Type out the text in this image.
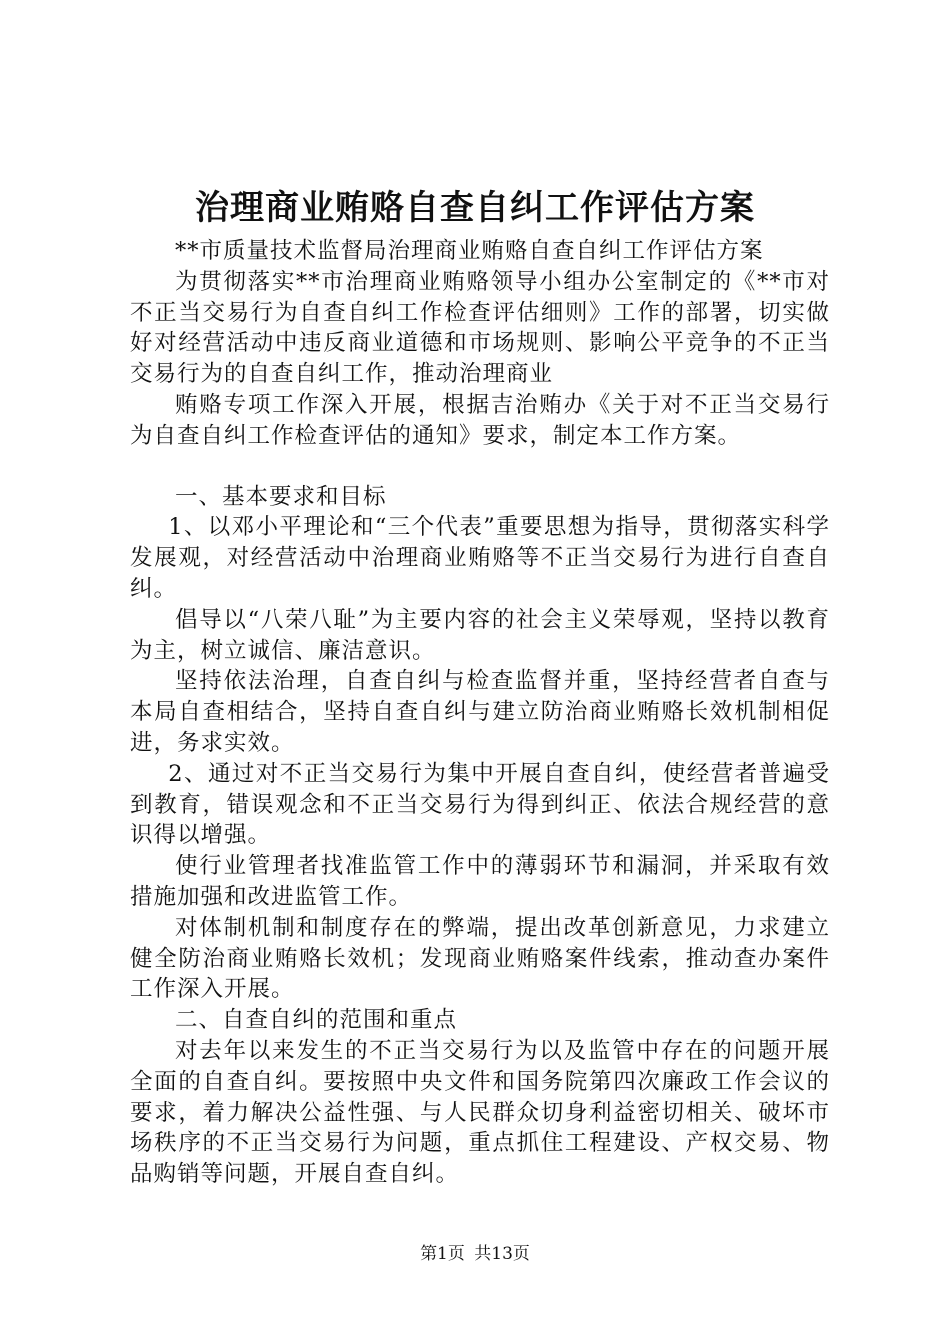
治理商业贿赂自查自纠工作评估方案

**市质量技术监督局治理商业贿赂自查自纠工作评估方案

为贯彻落实**市治理商业贿赂领导小组办公室制定的《**市对不正当交易行为自查自纠工作检查评估细则》工作的部署，切实做好对经营活动中违反商业道德和市场规则、影响公平竞争的不正当交易行为的自查自纠工作，推动治理商业

贿赂专项工作深入开展，根据吉治贿办《关于对不正当交易行为自查自纠工作检查评估的通知》要求，制定本工作方案。

一、基本要求和目标

1、以邓小平理论和“三个代表”重要思想为指导，贯彻落实科学发展观，对经营活动中治理商业贿赂等不正当交易行为进行自查自纠。

倡导以“八荣八耻”为主要内容的社会主义荣辱观，坚持以教育为主，树立诚信、廉洁意识。

坚持依法治理，自查自纠与检查监督并重，坚持经营者自查与本局自查相结合，坚持自查自纠与建立防治商业贿赂长效机制相促进，务求实效。

2、通过对不正当交易行为集中开展自查自纠，使经营者普遍受到教育，错误观念和不正当交易行为得到纠正、依法合规经营的意识得以增强。

使行业管理者找准监管工作中的薄弱环节和漏洞，并采取有效措施加强和改进监管工作。

对体制机制和制度存在的弊端，提出改革创新意见，力求建立健全防治商业贿赂长效机；发现商业贿赂案件线索，推动查办案件工作深入开展。

二、自查自纠的范围和重点

对去年以来发生的不正当交易行为以及监管中存在的问题开展全面的自查自纠。要按照中央文件和国务院第四次廉政工作会议的要求，着力解决公益性强、与人民群众切身利益密切相关、破坏市场秩序的不正当交易行为问题，重点抓住工程建设、产权交易、物品购销等问题，开展自查自纠。

第1页 共13页
